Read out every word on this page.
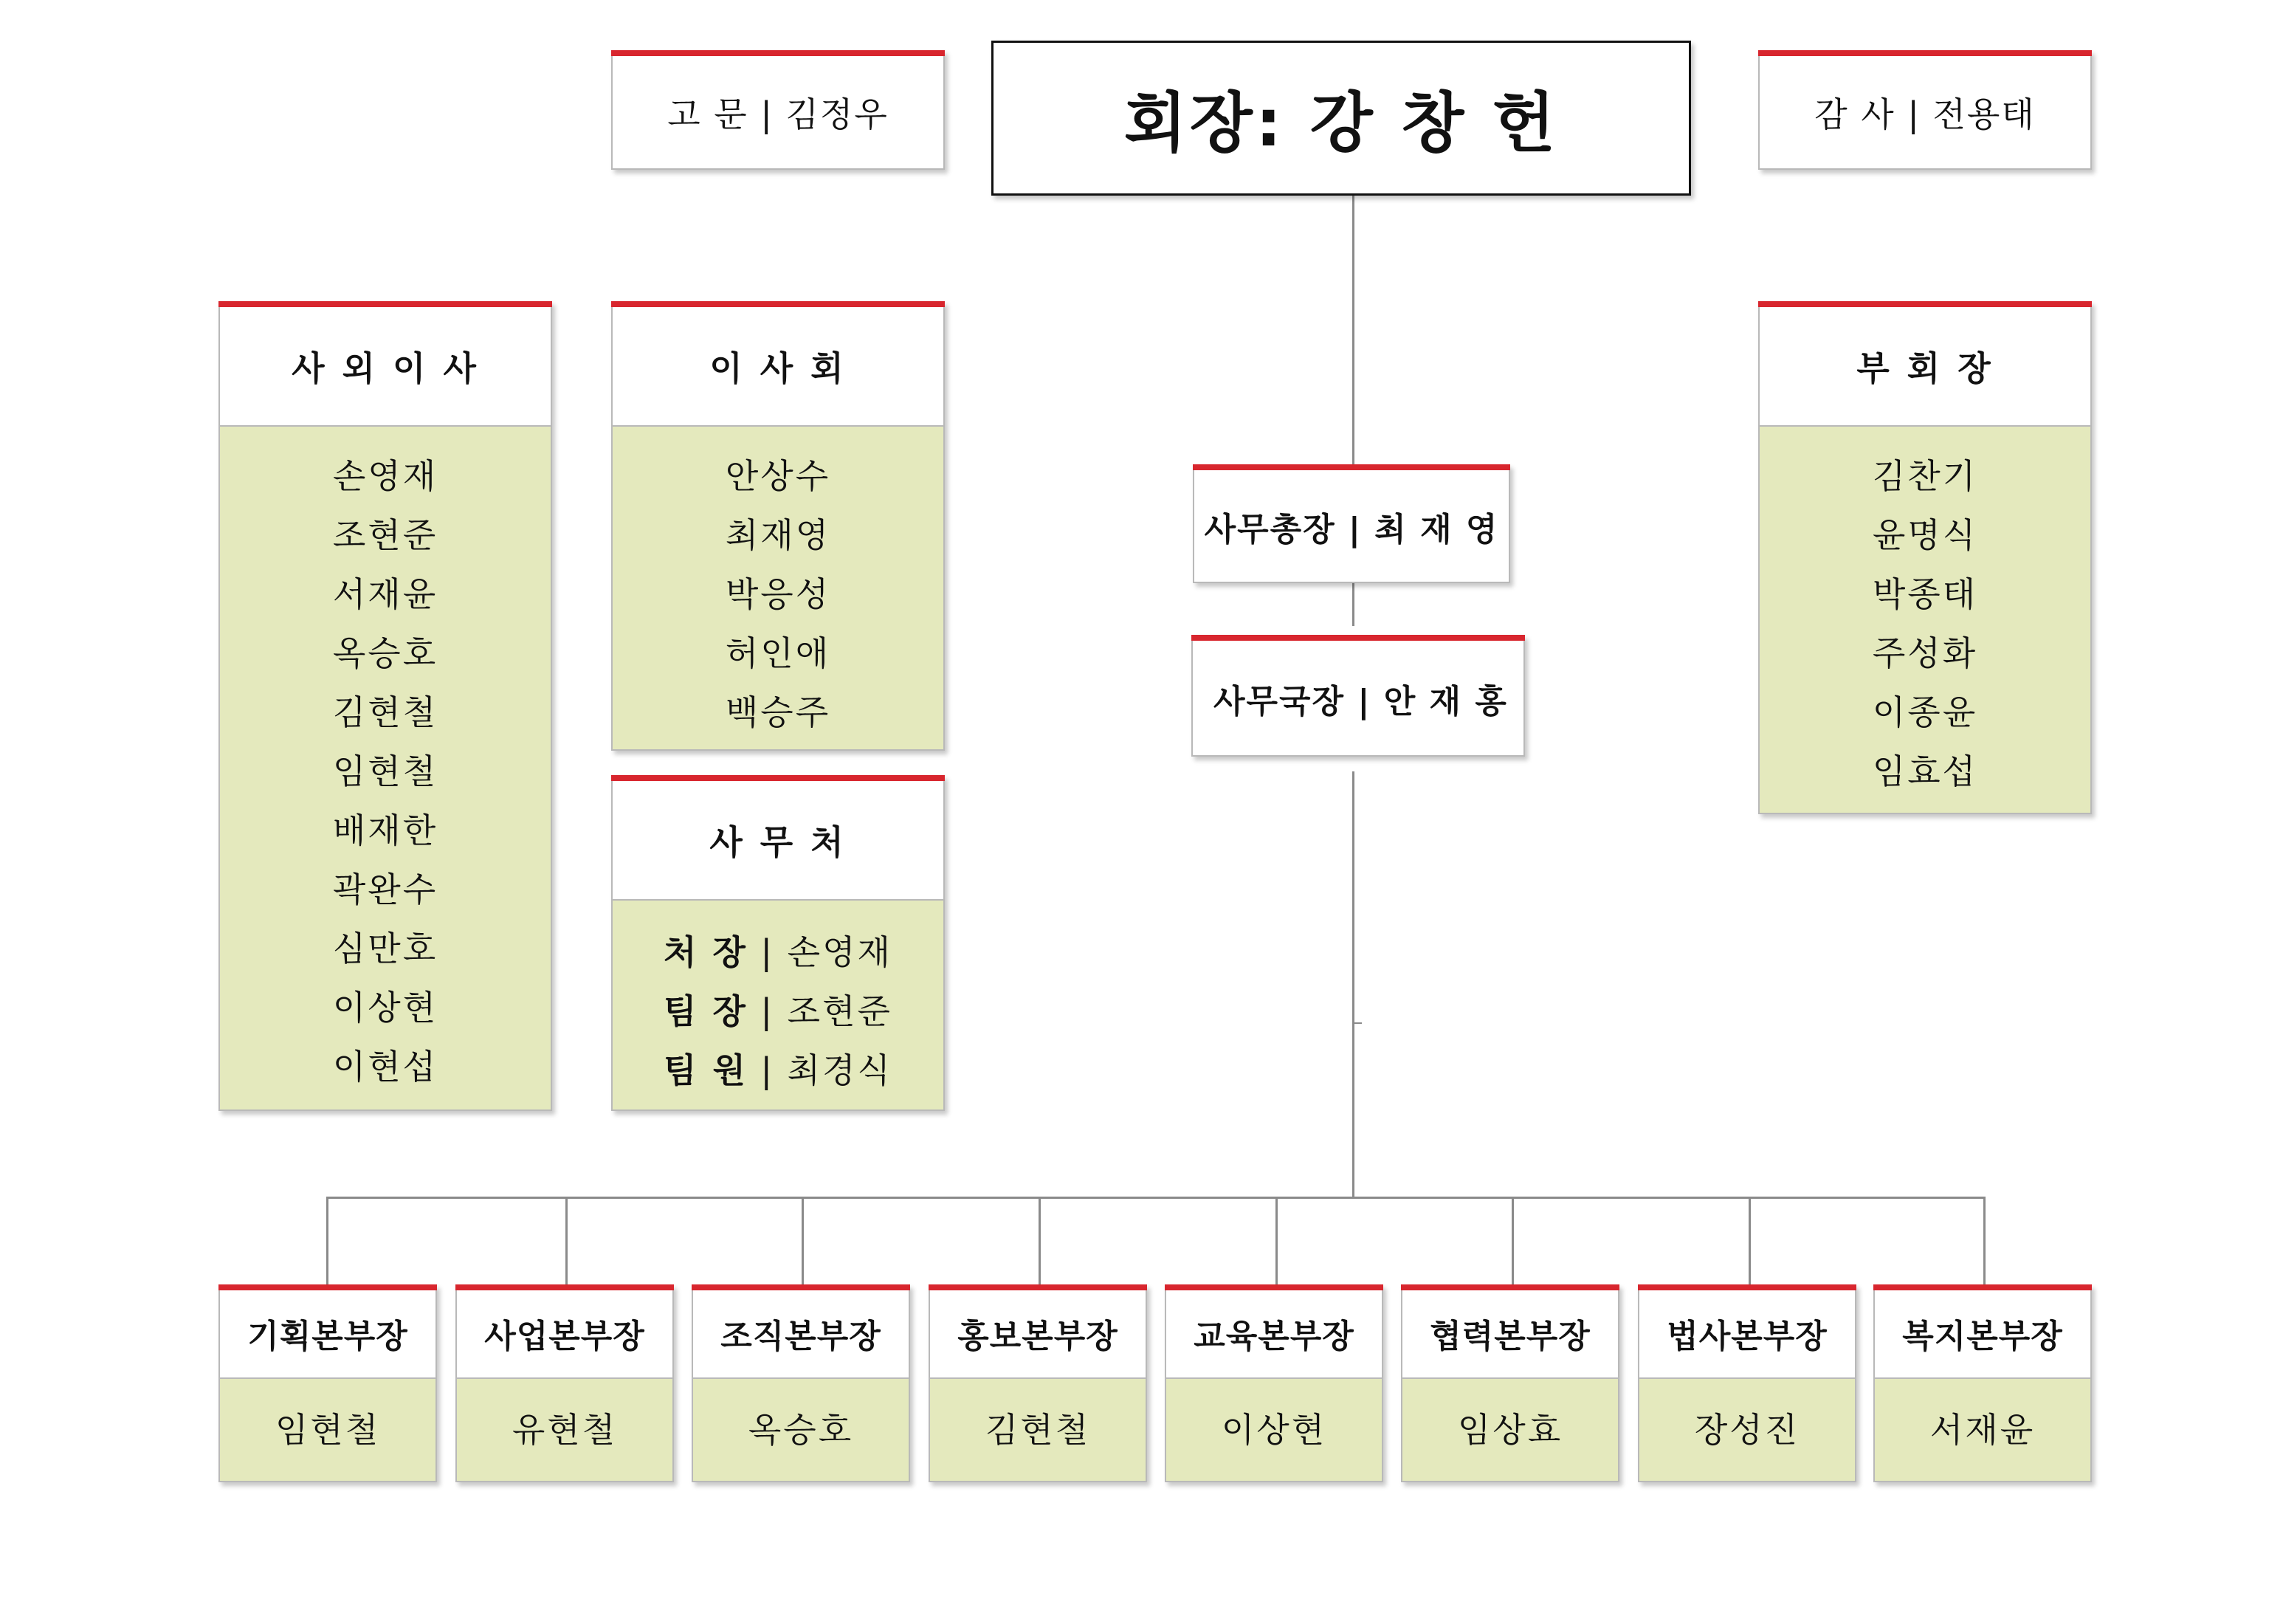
회장: 강 창 헌
고 문 | 김정우	감 사 | 전용태
사 외 이 사
손영재
조현준
서재윤
옥승호
김현철
임현철
배재한
곽완수
심만호
이상현
이현섭
이 사 회
안상수
최재영
박응성
허인애
백승주
사 무 처
처 장 | 손영재
팀 장 | 조현준
팀 원 | 최경식
부 회 장
김찬기
윤명식
박종태
주성화
이종윤
임효섭
사무총장 | 최 재 영
사무국장 | 안 재 홍
기획본부장
임현철
사업본부장
유현철
조직본부장
옥승호
홍보본부장
김현철
교육본부장
이상현
협력본부장
임상효
법사본부장
장성진
복지본부장
서재윤
